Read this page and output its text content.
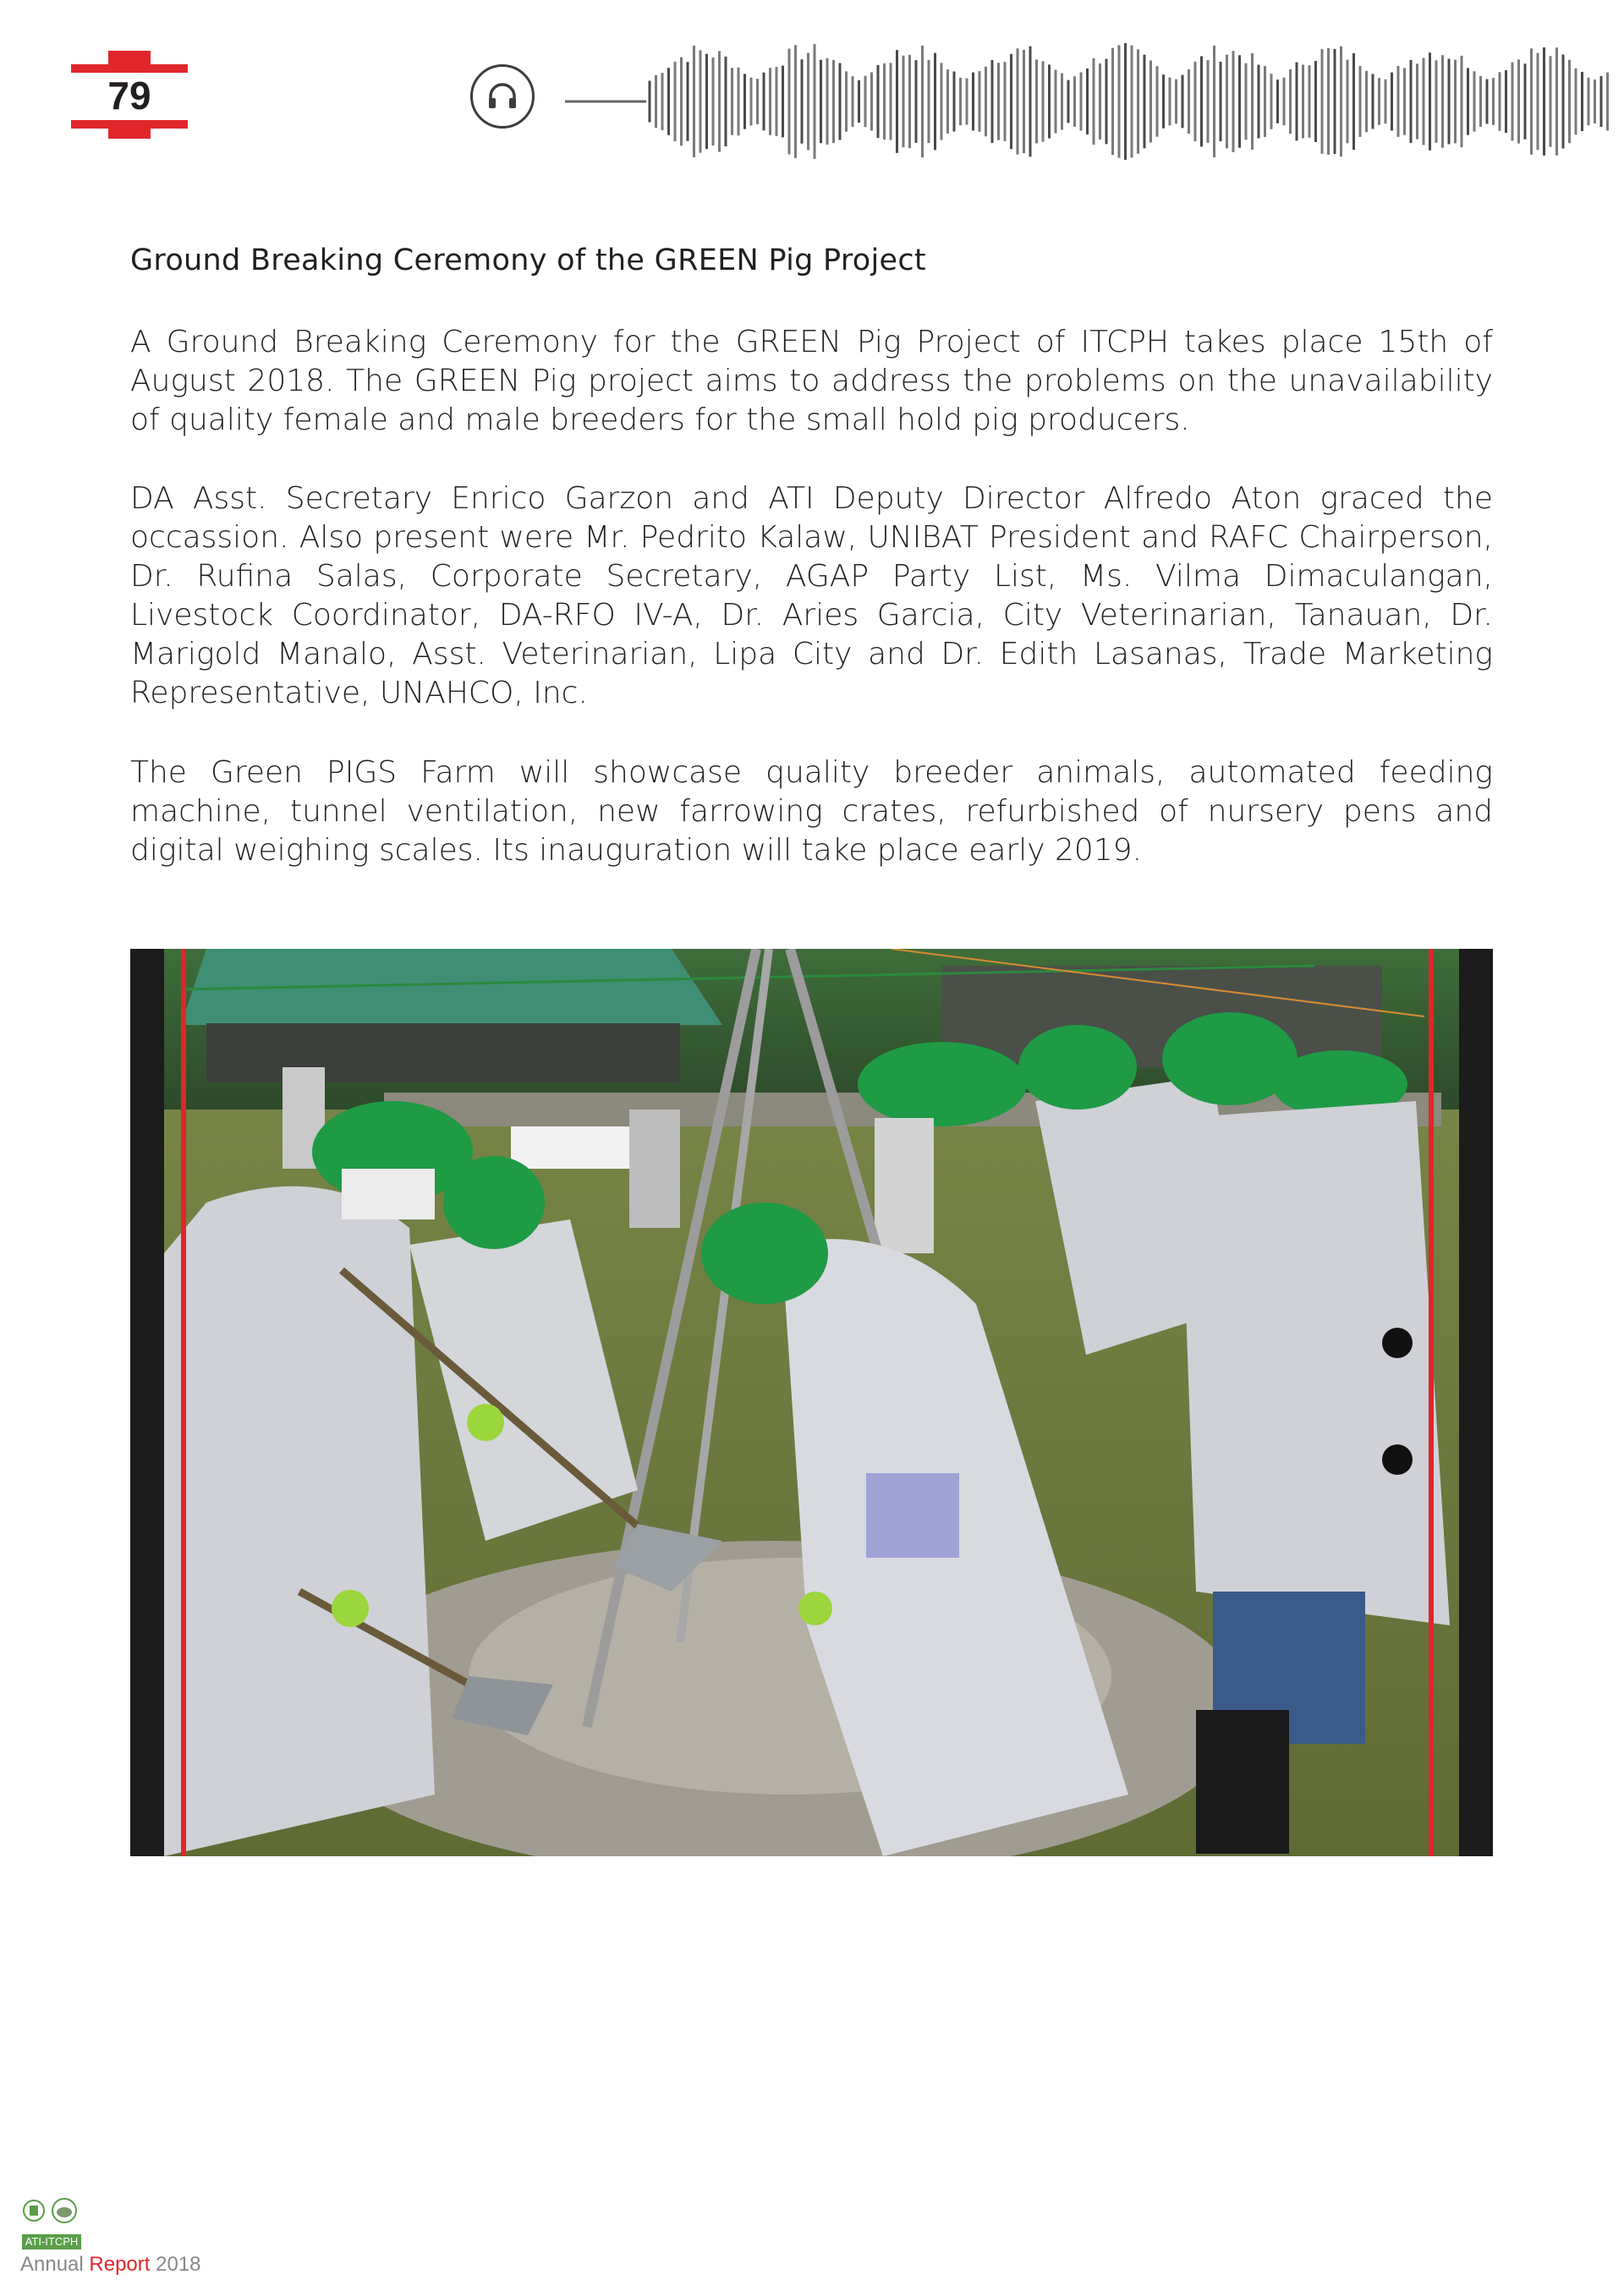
79
Ground Breaking Ceremony of the GREEN Pig Project

A Ground Breaking Ceremony for the GREEN Pig Project of ITCPH takes place 15th of August 2018. The GREEN Pig project aims to address the problems on the unavailability of quality female and male breeders for the small hold pig producers.

DA Asst. Secretary Enrico Garzon and ATI Deputy Director Alfredo Aton graced the occassion. Also present were Mr. Pedrito Kalaw, UNIBAT President and RAFC Chairperson, Dr. Rufina Salas, Corporate Secretary, AGAP Party List, Ms. Vilma Dimaculangan, Livestock Coordinator, DA-RFO IV-A, Dr. Aries Garcia, City Veterinarian, Tanauan, Dr. Marigold Manalo, Asst. Veterinarian, Lipa City and Dr. Edith Lasanas, Trade Marketing Representative, UNAHCO, Inc.

The Green PIGS Farm will showcase quality breeder animals, automated feeding machine, tunnel ventilation, new farrowing crates, refurbished of nursery pens and digital weighing scales. Its inauguration will take place early 2019.

ATI-ITCPH
Annual Report 2018
